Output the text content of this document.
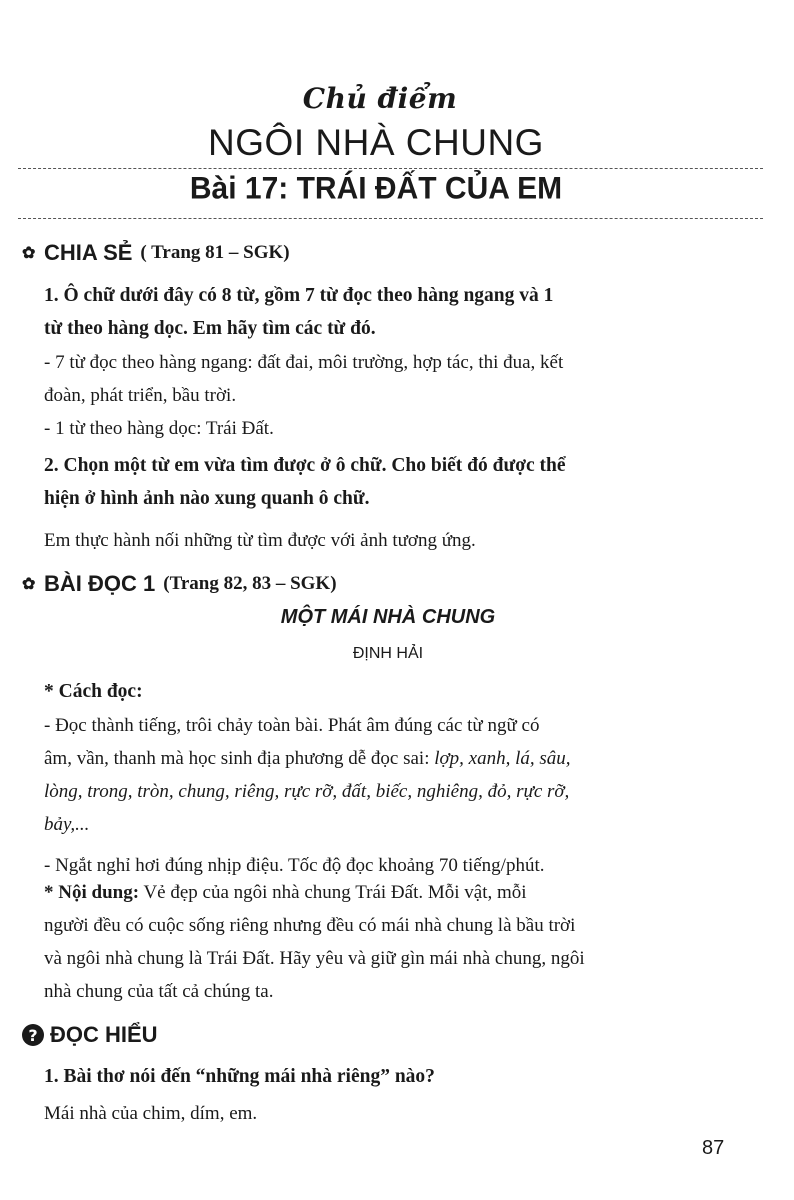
Chủ điểm
NGÔI NHÀ CHUNG
Bài 17: TRÁI ĐẤT CỦA EM
✿ CHIA SẺ ( Trang 81 – SGK)
1. Ô chữ dưới đây có 8 từ, gồm 7 từ đọc theo hàng ngang và 1
từ theo hàng dọc. Em hãy tìm các từ đó.
- 7 từ đọc theo hàng ngang: đất đai, môi trường, hợp tác, thi đua, kết
đoàn, phát triển, bầu trời.
- 1 từ theo hàng dọc: Trái Đất.
2. Chọn một từ em vừa tìm được ở ô chữ. Cho biết đó được thể
hiện ở hình ảnh nào xung quanh ô chữ.
Em thực hành nối những từ tìm được với ảnh tương ứng.
✿ BÀI ĐỌC 1 (Trang 82, 83 – SGK)
MỘT MÁI NHÀ CHUNG
ĐỊNH HẢI
* Cách đọc:
- Đọc thành tiếng, trôi chảy toàn bài. Phát âm đúng các từ ngữ có
âm, vần, thanh mà học sinh địa phương dễ đọc sai: lợp, xanh, lá, sâu,
lòng, trong, tròn, chung, riêng, rực rỡ, đất, biếc, nghiêng, đỏ, rực rỡ,
bảy,...
- Ngắt nghỉ hơi đúng nhịp điệu. Tốc độ đọc khoảng 70 tiếng/phút.
* Nội dung: Vẻ đẹp của ngôi nhà chung Trái Đất. Mỗi vật, mỗi
người đều có cuộc sống riêng nhưng đều có mái nhà chung là bầu trời
và ngôi nhà chung là Trái Đất. Hãy yêu và giữ gìn mái nhà chung, ngôi
nhà chung của tất cả chúng ta.
? ĐỌC HIỂU
1. Bài thơ nói đến “những mái nhà riêng” nào?
Mái nhà của chim, dím, em.
87
